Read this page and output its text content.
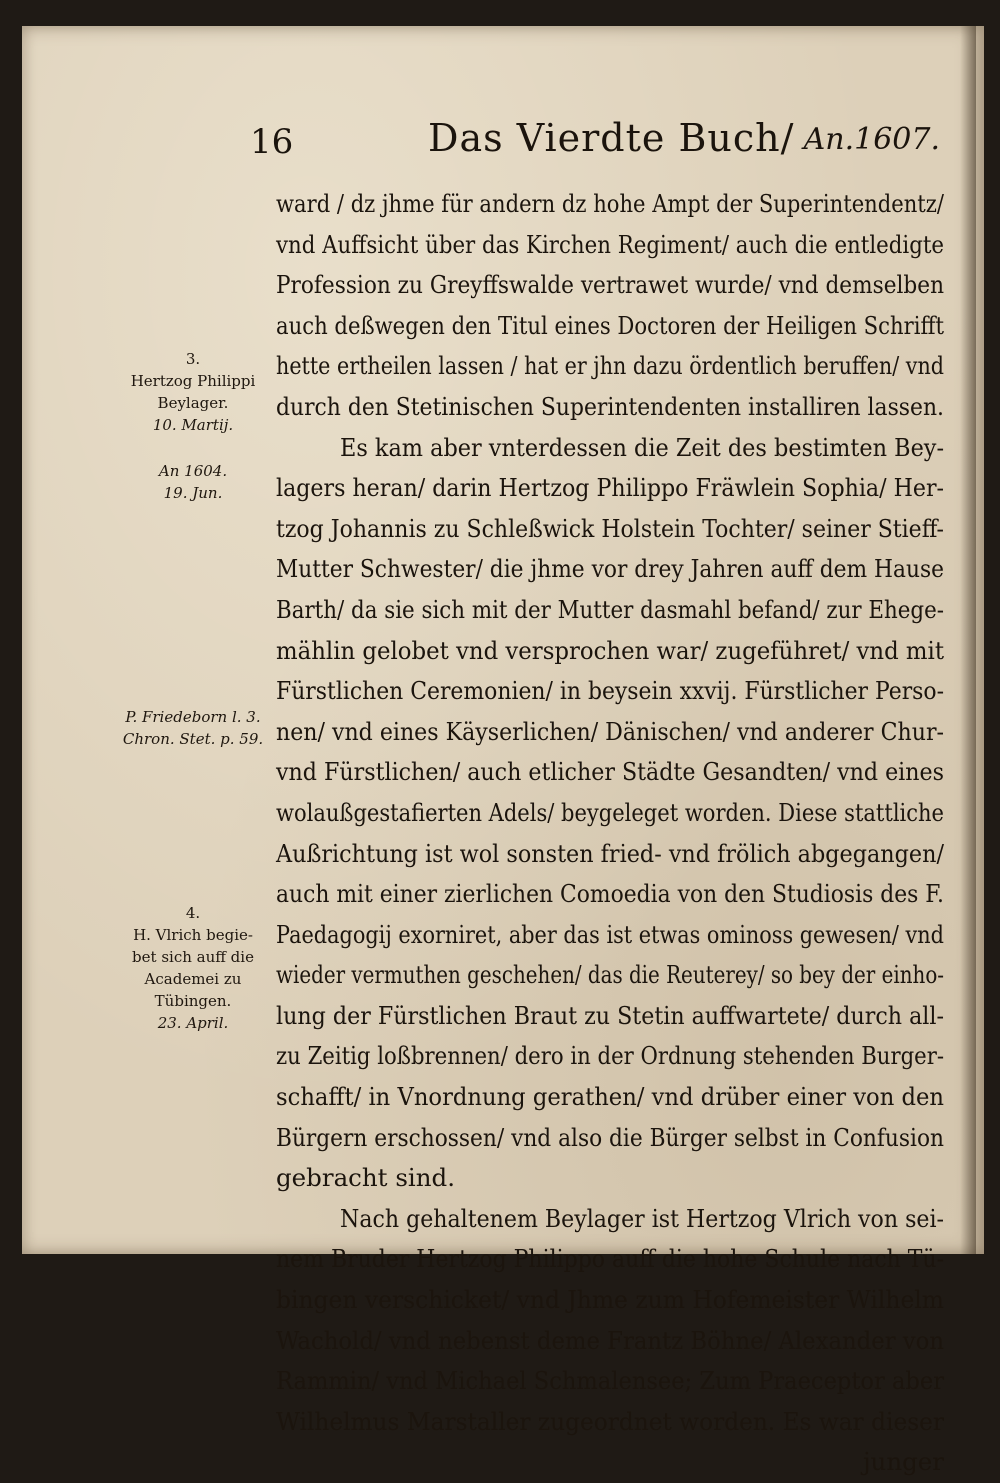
16	Das Vierdte Buch/ An.1607.
3.
Hertzog Philippi
Beylager.
10. Martij.
An 1604.
19. Jun.
P. Friedeborn l. 3.
Chron. Stet. p. 59.
4.
H. Vlrich begie-
bet sich auff die
Academei zu
Tübingen.
23. April.
ward / dz jhme für andern dz hohe Ampt der Superintendentz/
vnd Auffsicht über das Kirchen Regiment/ auch die entledigte
Profession zu Greyffswalde vertrawet wurde/ vnd demselben
auch deßwegen den Titul eines Doctoren der Heiligen Schrifft
hette ertheilen lassen / hat er jhn dazu ördentlich beruffen/ vnd
durch den Stetinischen Superintendenten installiren lassen.
Es kam aber vnterdessen die Zeit des bestimten Bey-
lagers heran/ darin Hertzog Philippo Fräwlein Sophia/ Her-
tzog Johannis zu Schleßwick Holstein Tochter/ seiner Stieff-
Mutter Schwester/ die jhme vor drey Jahren auff dem Hause
Barth/ da sie sich mit der Mutter dasmahl befand/ zur Ehege-
mählin gelobet vnd versprochen war/ zugeführet/ vnd mit
Fürstlichen Ceremonien/ in beysein xxvij. Fürstlicher Perso-
nen/ vnd eines Käyserlichen/ Dänischen/ vnd anderer Chur-
vnd Fürstlichen/ auch etlicher Städte Gesandten/ vnd eines
wolaußgestafierten Adels/ beygeleget worden. Diese stattliche
Außrichtung ist wol sonsten fried- vnd frölich abgegangen/
auch mit einer zierlichen Comoedia von den Studiosis des F.
Paedagogij exorniret, aber das ist etwas ominoss gewesen/ vnd
wieder vermuthen geschehen/ das die Reuterey/ so bey der einho-
lung der Fürstlichen Braut zu Stetin auffwartete/ durch all-
zu Zeitig loßbrennen/ dero in der Ordnung stehenden Burger-
schafft/ in Vnordnung gerathen/ vnd drüber einer von den
Bürgern erschossen/ vnd also die Bürger selbst in Confusion
gebracht sind.
Nach gehaltenem Beylager ist Hertzog Vlrich von sei-
nem Bruder Hertzog Philippo auff die hohe Schule nach Tü-
bingen verschicket/ vnd Jhme zum Hofemeister Wilhelm
Wachold/ vnd nebenst deme Frantz Böhne/ Alexander von
Rammin/ vnd Michael Schmalensee; Zum Praeceptor aber
Wilhelmus Marstaller zugeordnet worden. Es war dieser
junger
